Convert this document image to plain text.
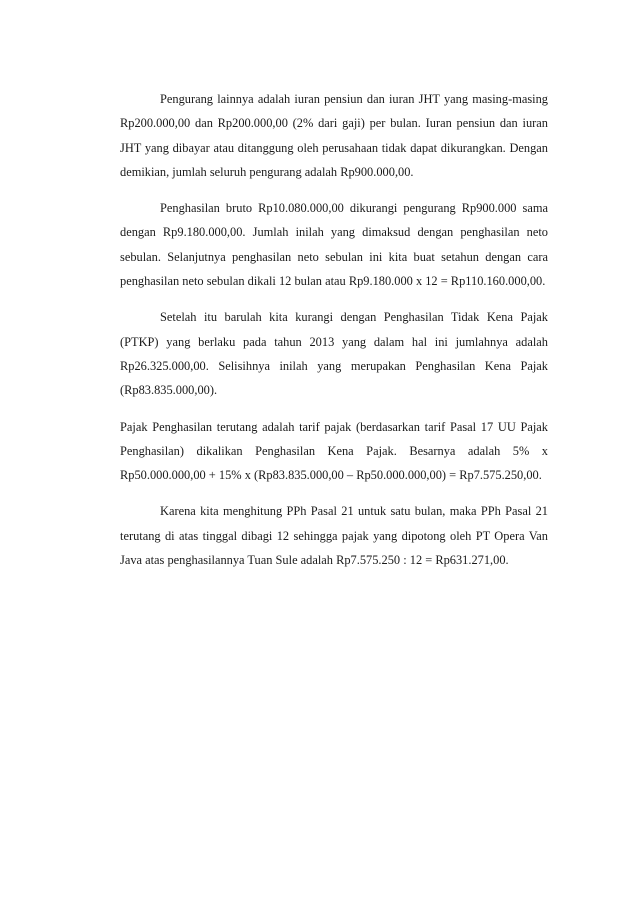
Pengurang lainnya adalah iuran pensiun dan iuran JHT yang masing-masing Rp200.000,00 dan Rp200.000,00 (2% dari gaji) per bulan. Iuran pensiun dan iuran JHT yang dibayar atau ditanggung oleh perusahaan tidak dapat dikurangkan. Dengan demikian, jumlah seluruh pengurang adalah Rp900.000,00.

Penghasilan bruto Rp10.080.000,00 dikurangi pengurang Rp900.000 sama dengan Rp9.180.000,00. Jumlah inilah yang dimaksud dengan penghasilan neto sebulan. Selanjutnya penghasilan neto sebulan ini kita buat setahun dengan cara penghasilan neto sebulan dikali 12 bulan atau Rp9.180.000 x 12 = Rp110.160.000,00.

Setelah itu barulah kita kurangi dengan Penghasilan Tidak Kena Pajak (PTKP) yang berlaku pada tahun 2013 yang dalam hal ini jumlahnya adalah Rp26.325.000,00. Selisihnya inilah yang merupakan Penghasilan Kena Pajak (Rp83.835.000,00).

Pajak Penghasilan terutang adalah tarif pajak (berdasarkan tarif Pasal 17 UU Pajak Penghasilan) dikalikan Penghasilan Kena Pajak. Besarnya adalah 5% x Rp50.000.000,00 + 15% x (Rp83.835.000,00 – Rp50.000.000,00) = Rp7.575.250,00.

Karena kita menghitung PPh Pasal 21 untuk satu bulan, maka PPh Pasal 21 terutang di atas tinggal dibagi 12 sehingga pajak yang dipotong oleh PT Opera Van Java atas penghasilannya Tuan Sule adalah Rp7.575.250 : 12 = Rp631.271,00.
